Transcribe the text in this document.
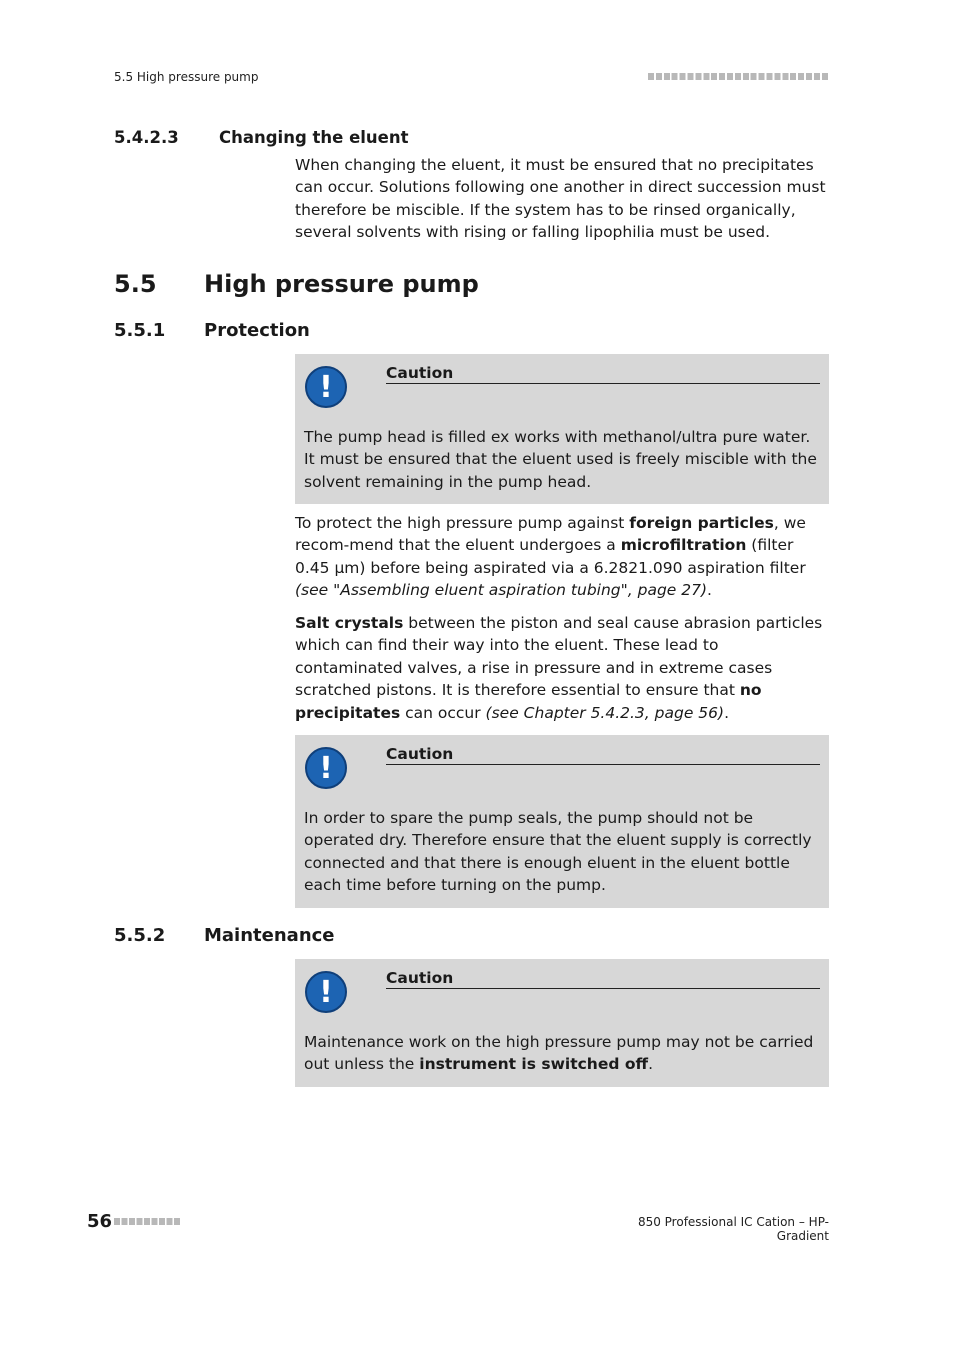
5.5 High pressure pump
5.4.2.3 Changing the eluent
When changing the eluent, it must be ensured that no precipitates can occur. Solutions following one another in direct succession must therefore be miscible. If the system has to be rinsed organically, several solvents with rising or falling lipophilia must be used.
5.5 High pressure pump
5.5.1 Protection
!	Caution
The pump head is filled ex works with methanol/ultra pure water. It must be ensured that the eluent used is freely miscible with the solvent remaining in the pump head.
To protect the high pressure pump against foreign particles, we recom-mend that the eluent undergoes a microfiltration (filter 0.45 µm) before being aspirated via a 6.2821.090 aspiration filter (see "Assembling eluent aspiration tubing", page 27).
Salt crystals between the piston and seal cause abrasion particles which can find their way into the eluent. These lead to contaminated valves, a rise in pressure and in extreme cases scratched pistons. It is therefore essential to ensure that no precipitates can occur (see Chapter 5.4.2.3, page 56).
!	Caution
In order to spare the pump seals, the pump should not be operated dry. Therefore ensure that the eluent supply is correctly connected and that there is enough eluent in the eluent bottle each time before turning on the pump.
5.5.2 Maintenance
!	Caution
Maintenance work on the high pressure pump may not be carried out unless the instrument is switched off.
56	850 Professional IC Cation – HP-Gradient
